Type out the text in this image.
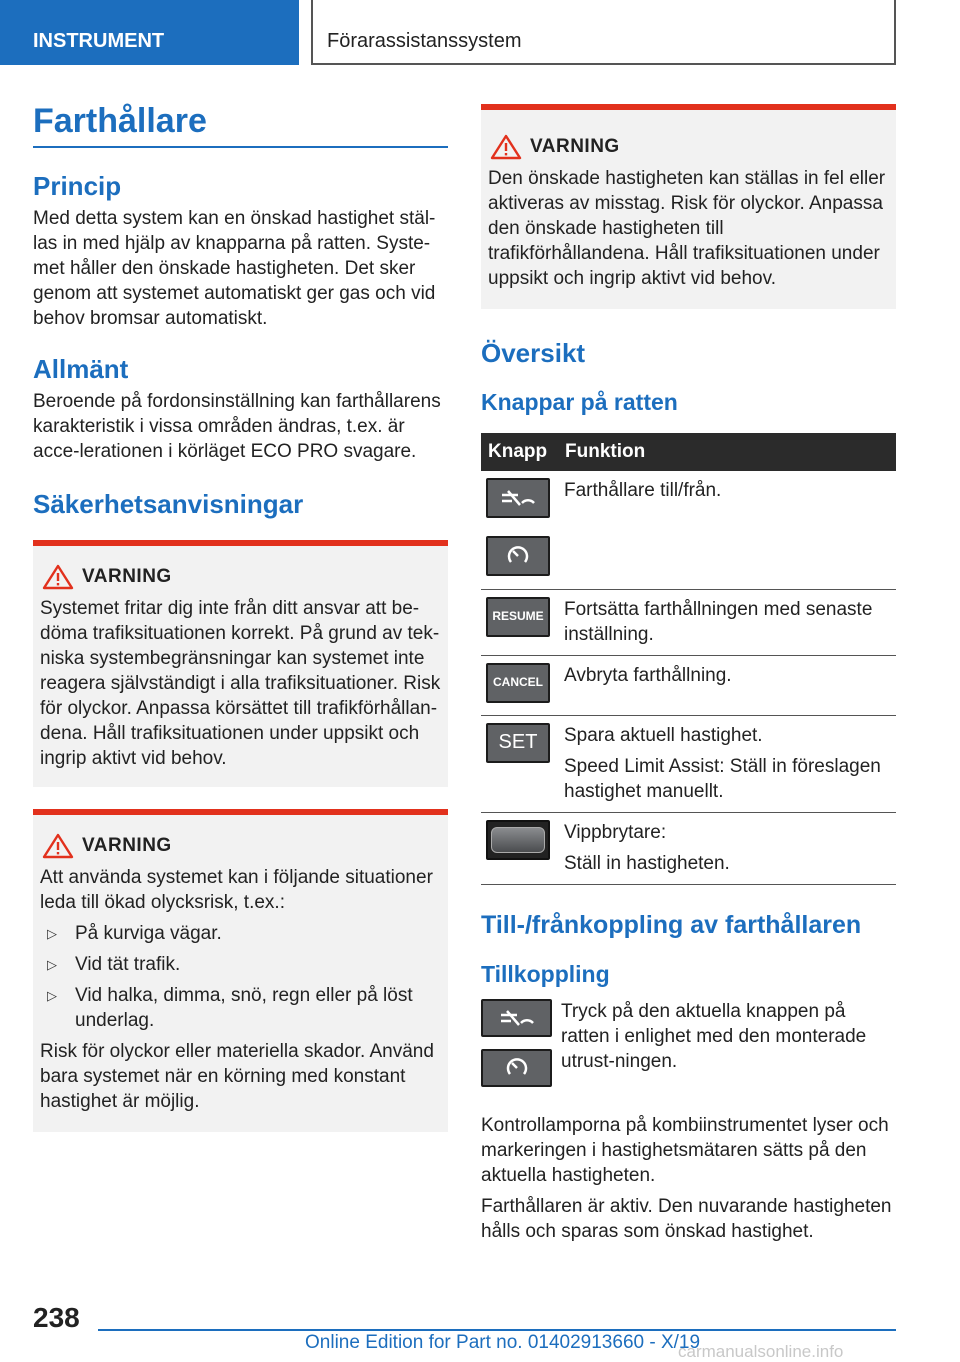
INSTRUMENT	Förarassistanssystem
Farthållare
Princip

Med detta system kan en önskad hastighet stäl-las in med hjälp av knapparna på ratten. Syste-met håller den önskade hastigheten. Det sker genom att systemet automatiskt ger gas och vid behov bromsar automatiskt.

Allmänt

Beroende på fordonsinställning kan farthållarens karakteristik i vissa områden ändras, t.ex. är acce-lerationen i körläget ECO PRO svagare.

Säkerhetsanvisningar
VARNING

Systemet fritar dig inte från ditt ansvar att be-döma trafiksituationen korrekt. På grund av tek-niska systembegränsningar kan systemet inte reagera självständigt i alla trafiksituationer. Risk för olyckor. Anpassa körsättet till trafikförhållan-dena. Håll trafiksituationen under uppsikt och ingrip aktivt vid behov.

VARNING

Att använda systemet kan i följande situationer leda till ökad olycksrisk, t.ex.:

▷ På kurviga vägar.
▷ Vid tät trafik.
▷ Vid halka, dimma, snö, regn eller på löst underlag.

Risk för olyckor eller materiella skador. Använd bara systemet när en körning med konstant hastighet är möjlig.

VARNING

Den önskade hastigheten kan ställas in fel eller aktiveras av misstag. Risk för olyckor. Anpassa den önskade hastigheten till trafikförhållandena. Håll trafiksituationen under uppsikt och ingrip aktivt vid behov.

Översikt
Knappar på ratten
Knapp	Funktion

Farthållare till/från.

RESUME	Fortsätta farthållningen med senaste inställning.

CANCEL	Avbryta farthållning.

SET	Spara aktuell hastighet.

Speed Limit Assist: Ställ in föreslagen hastighet manuellt.

	Vippbrytare:

Ställ in hastigheten.

Till-/frånkoppling av farthållaren
Tillkoppling

Tryck på den aktuella knappen på ratten i enlighet med den monterade utrust-ningen.

Kontrollamporna på kombiinstrumentet lyser och markeringen i hastighetsmätaren sätts på den aktuella hastigheten.

Farthållaren är aktiv. Den nuvarande hastigheten hålls och sparas som önskad hastighet.

238
Online Edition for Part no. 01402913660 - X/19
carmanualsonline.info
